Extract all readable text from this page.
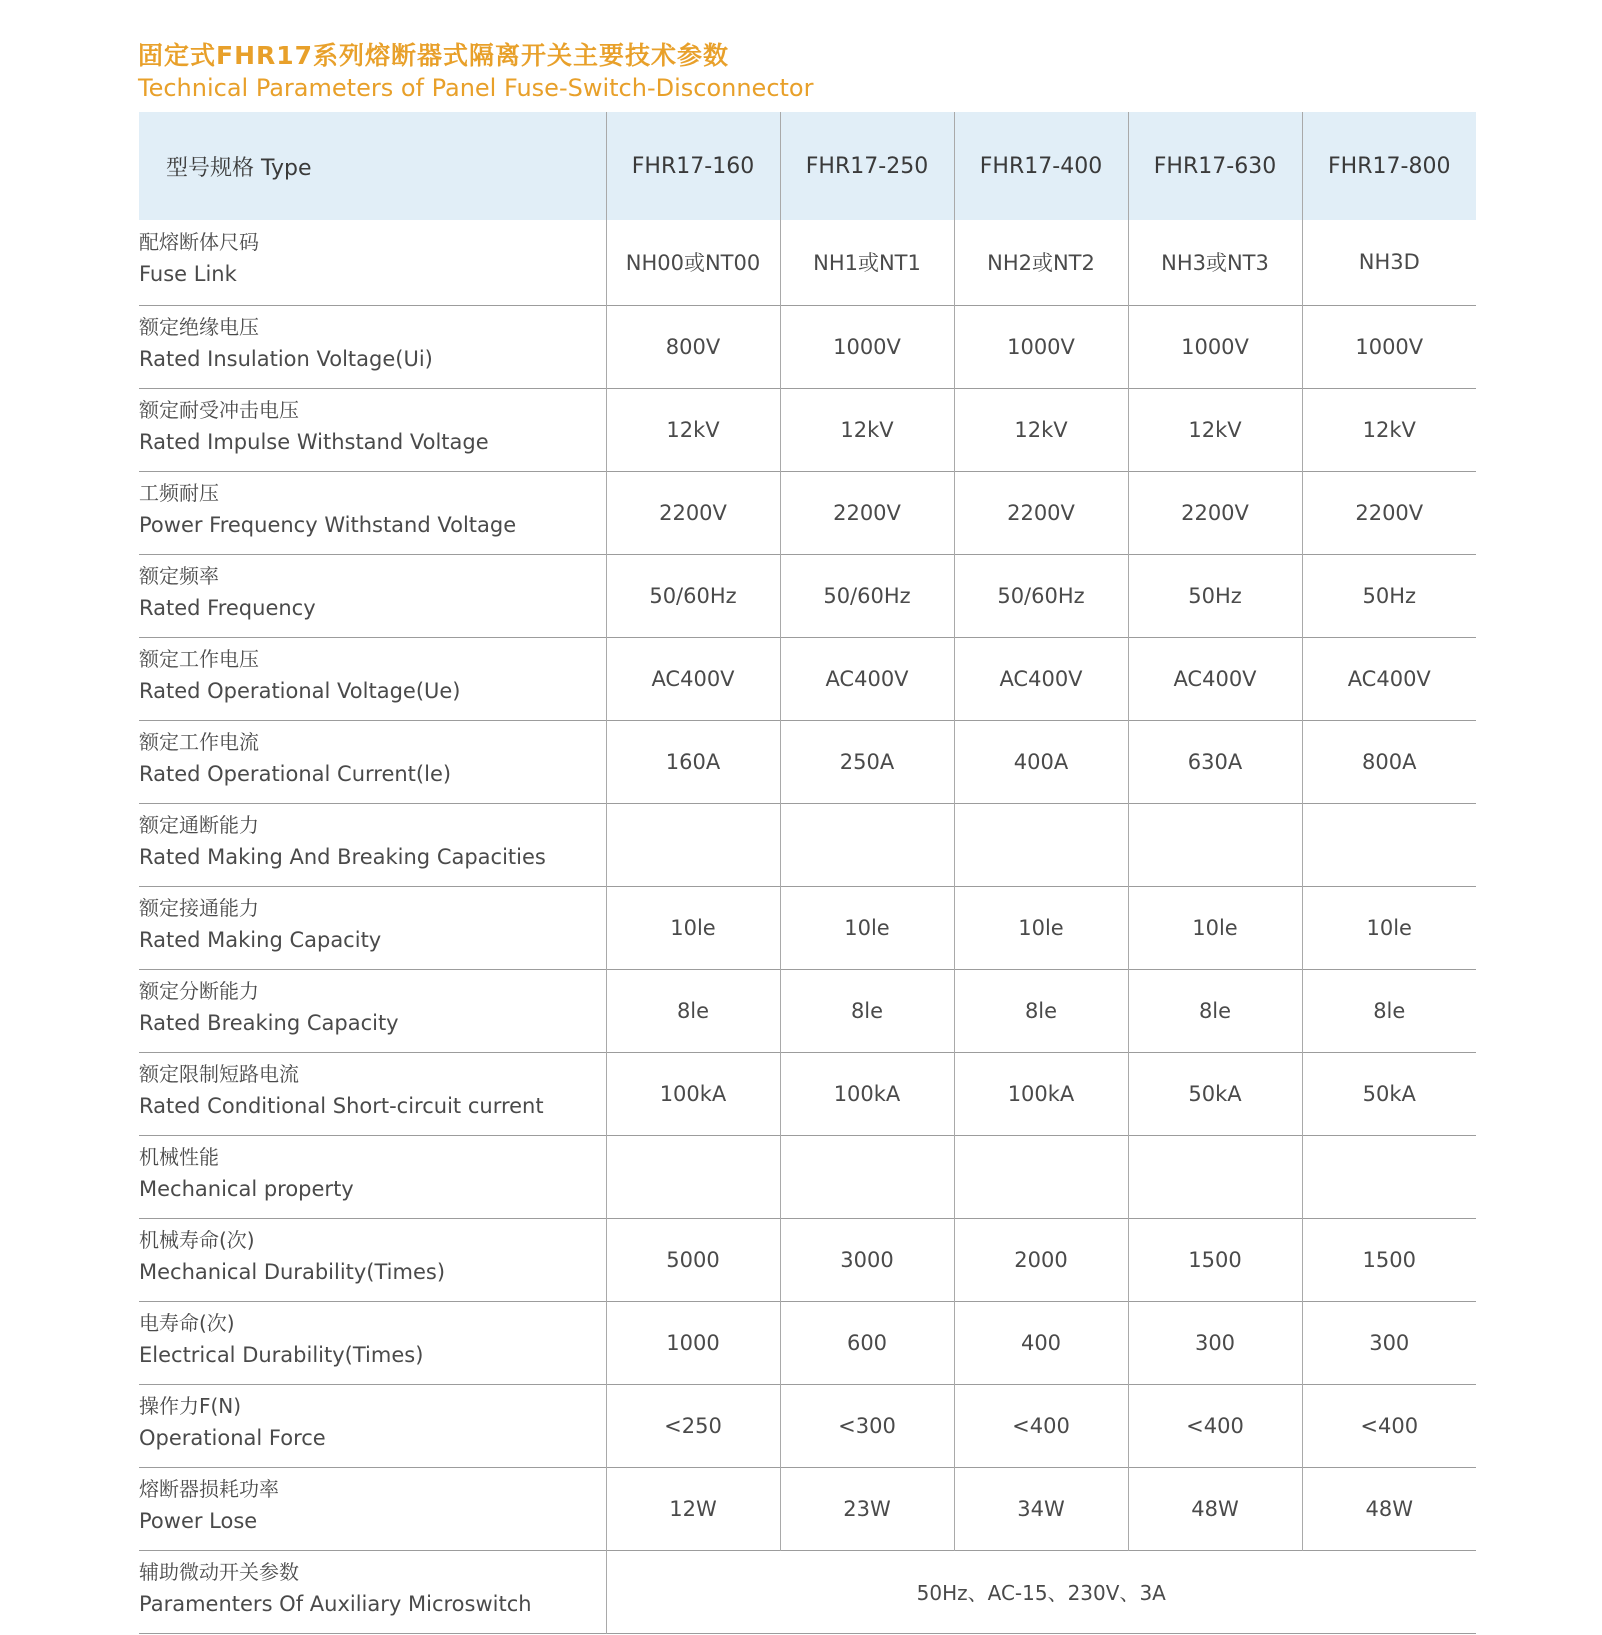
固定式FHR17系列熔断器式隔离开关主要技术参数
Technical Parameters of Panel Fuse-Switch-Disconnector
型号规格 Type	FHR17-160	FHR17-250	FHR17-400	FHR17-630	FHR17-800

配熔断体尺码
Fuse Link	NH00或NT00	NH1或NT1	NH2或NT2	NH3或NT3	NH3D

额定绝缘电压
Rated Insulation Voltage(Ui)	800V	1000V	1000V	1000V	1000V

额定耐受冲击电压
Rated Impulse Withstand Voltage	12kV	12kV	12kV	12kV	12kV

工频耐压
Power Frequency Withstand Voltage	2200V	2200V	2200V	2200V	2200V

额定频率
Rated Frequency	50/60Hz	50/60Hz	50/60Hz	50Hz	50Hz

额定工作电压
Rated Operational Voltage(Ue)	AC400V	AC400V	AC400V	AC400V	AC400V

额定工作电流
Rated Operational Current(le)	160A	250A	400A	630A	800A

额定通断能力
Rated Making And Breaking Capacities					

额定接通能力
Rated Making Capacity	10le	10le	10le	10le	10le

额定分断能力
Rated Breaking Capacity	8le	8le	8le	8le	8le

额定限制短路电流
Rated Conditional Short-circuit current	100kA	100kA	100kA	50kA	50kA

机械性能
Mechanical property					

机械寿命(次)
Mechanical Durability(Times)	5000	3000	2000	1500	1500

电寿命(次)
Electrical Durability(Times)	1000	600	400	300	300

操作力F(N)
Operational Force	<250	<300	<400	<400	<400

熔断器损耗功率
Power Lose	12W	23W	34W	48W	48W

辅助微动开关参数
Paramenters Of Auxiliary Microswitch	50Hz、AC-15、230V、3A				
